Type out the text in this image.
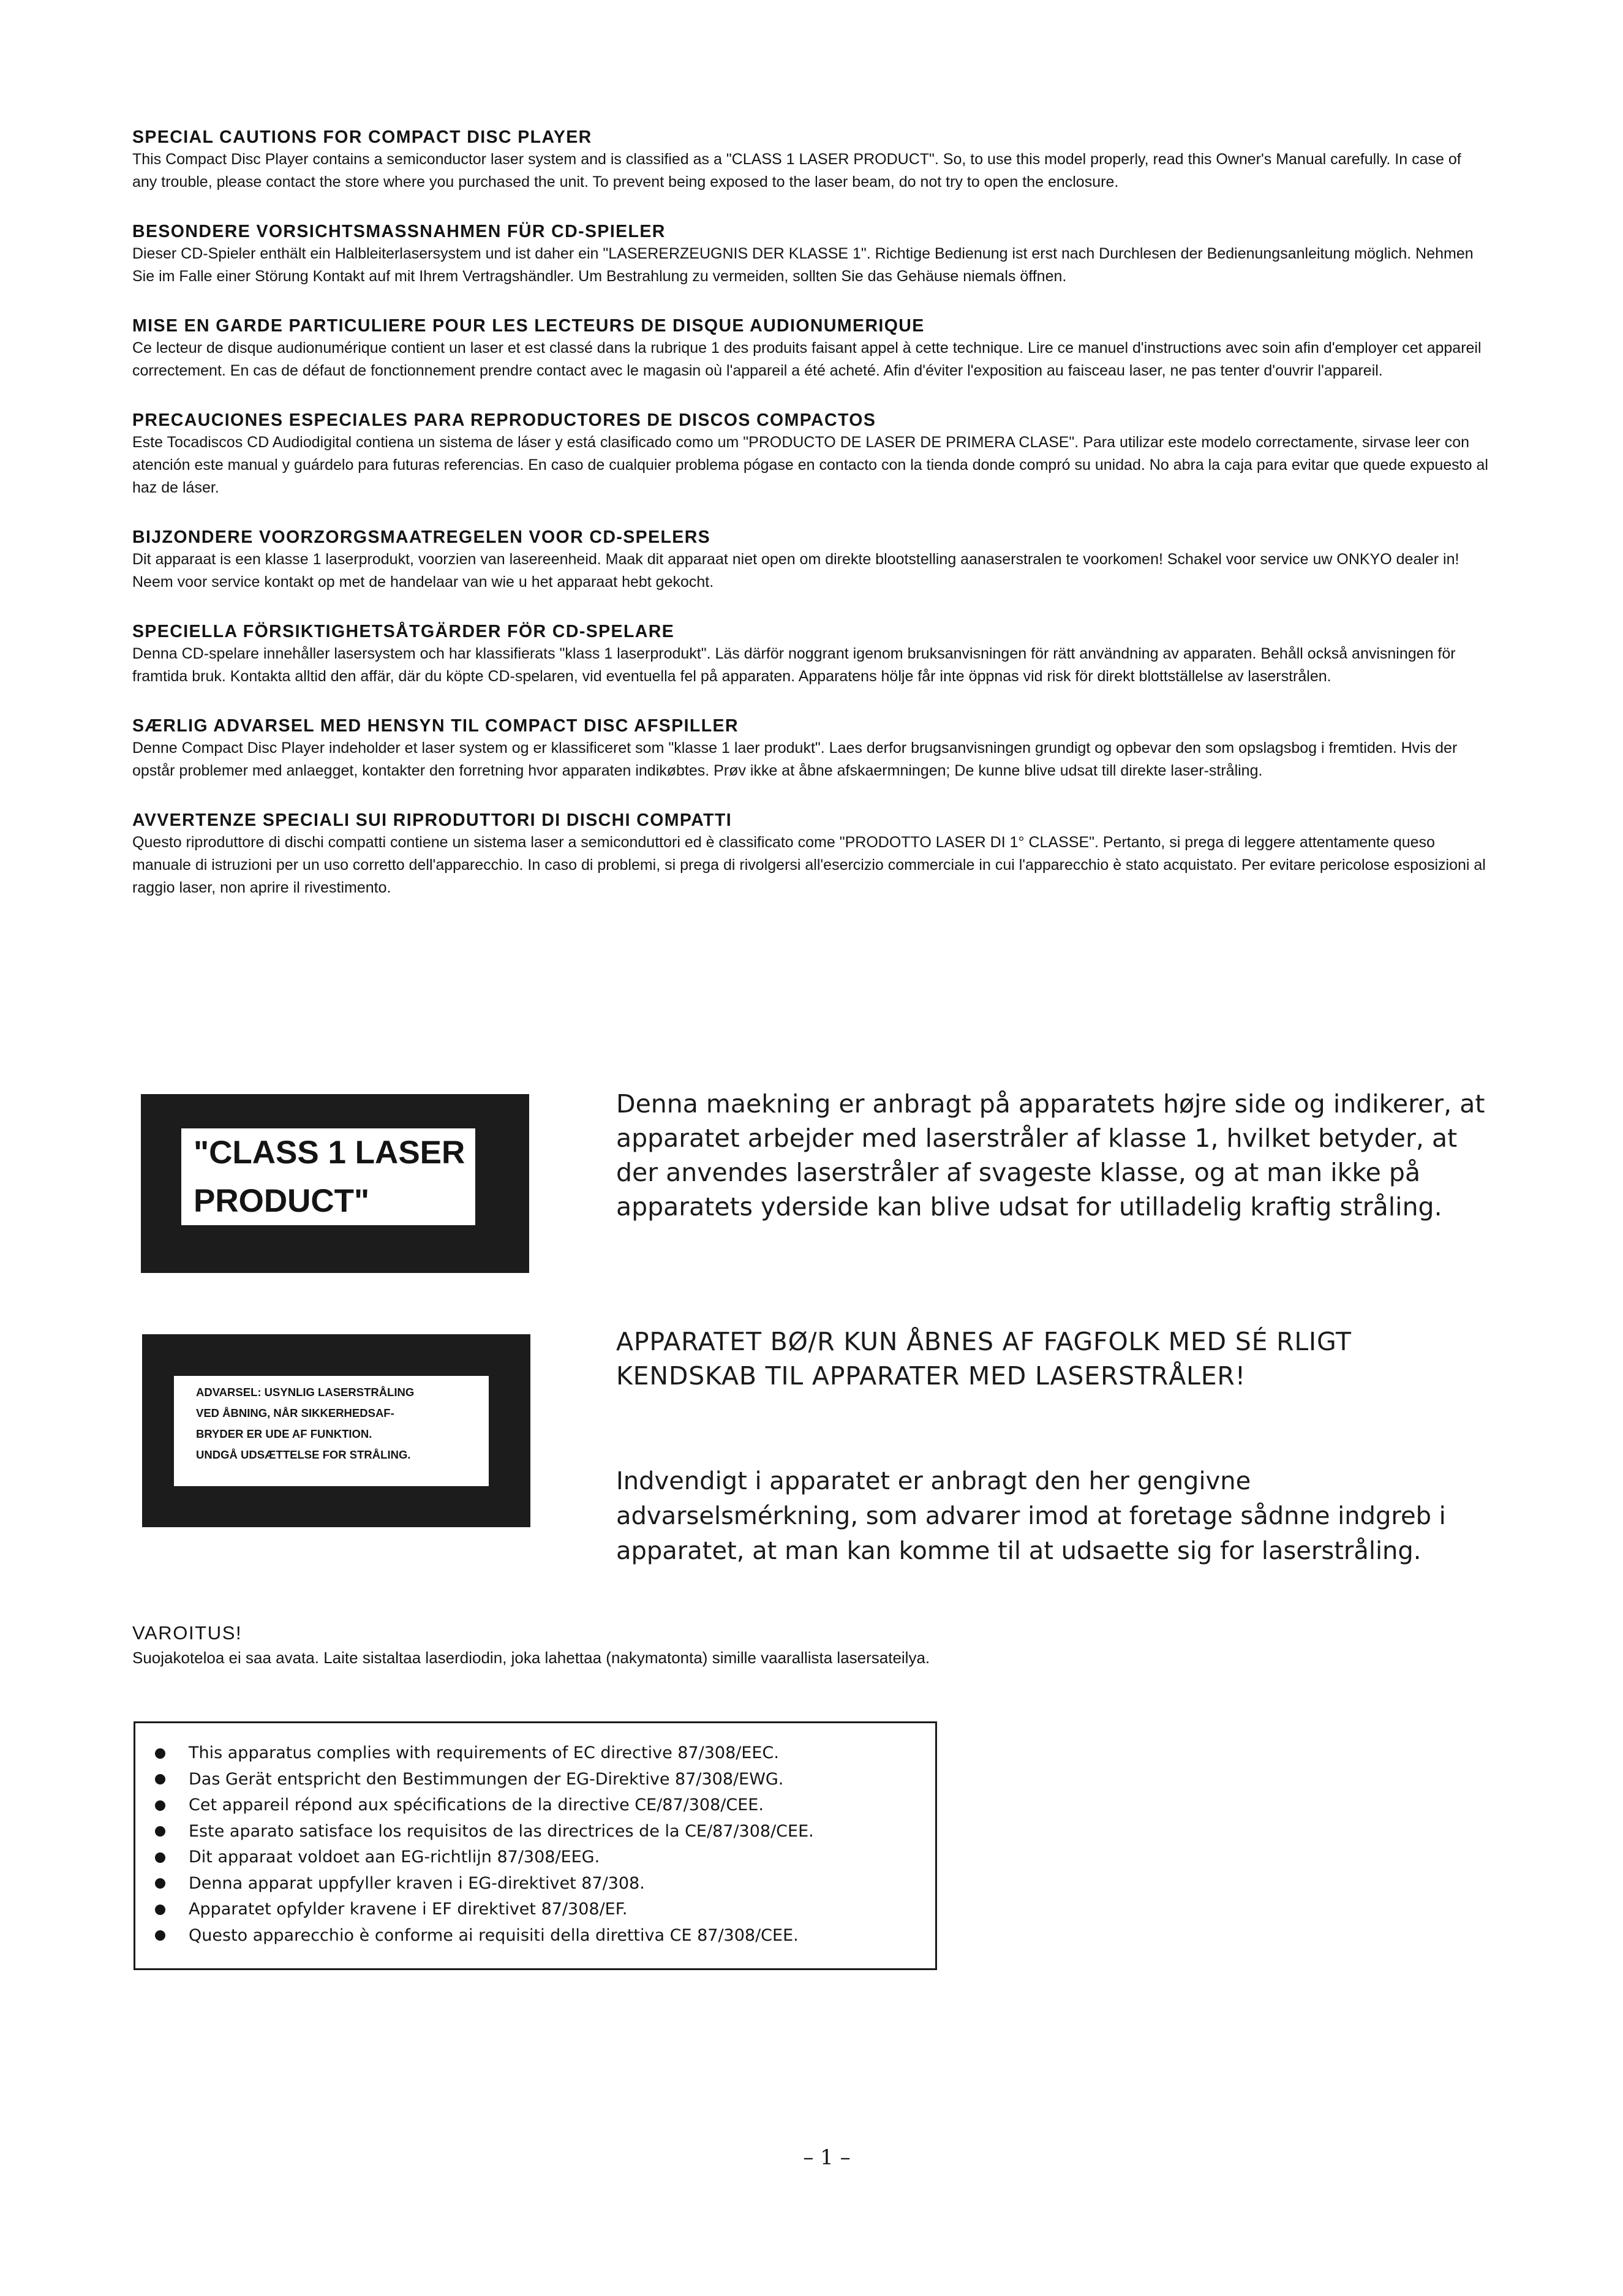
SPECIAL CAUTIONS FOR COMPACT DISC PLAYER

This Compact Disc Player contains a semiconductor laser system and is classified as a "CLASS 1 LASER PRODUCT". So, to use this model properly, read this Owner's Manual carefully. In case of any trouble, please contact the store where you purchased the unit. To prevent being exposed to the laser beam, do not try to open the enclosure.

BESONDERE VORSICHTSMASSNAHMEN FÜR CD-SPIELER

Dieser CD-Spieler enthält ein Halbleiterlasersystem und ist daher ein "LASERERZEUGNIS DER KLASSE 1". Richtige Bedienung ist erst nach Durchlesen der Bedienungsanleitung möglich. Nehmen Sie im Falle einer Störung Kontakt auf mit Ihrem Vertragshändler. Um Bestrahlung zu vermeiden, sollten Sie das Gehäuse niemals öffnen.

MISE EN GARDE PARTICULIERE POUR LES LECTEURS DE DISQUE AUDIONUMERIQUE

Ce lecteur de disque audionumérique contient un laser et est classé dans la rubrique 1 des produits faisant appel à cette technique. Lire ce manuel d'instructions avec soin afin d'employer cet appareil correctement. En cas de défaut de fonctionnement prendre contact avec le magasin où l'appareil a été acheté. Afin d'éviter l'exposition au faisceau laser, ne pas tenter d'ouvrir l'appareil.

PRECAUCIONES ESPECIALES PARA REPRODUCTORES DE DISCOS COMPACTOS

Este Tocadiscos CD Audiodigital contiena un sistema de láser y está clasificado como um "PRODUCTO DE LASER DE PRIMERA CLASE". Para utilizar este modelo correctamente, sirvase leer con atención este manual y guárdelo para futuras referencias. En caso de cualquier problema pógase en contacto con la tienda donde compró su unidad. No abra la caja para evitar que quede expuesto al haz de láser.

BIJZONDERE VOORZORGSMAATREGELEN VOOR CD-SPELERS

Dit apparaat is een klasse 1 laserprodukt, voorzien van lasereenheid. Maak dit apparaat niet open om direkte blootstelling aanaserstralen te voorkomen! Schakel voor service uw ONKYO dealer in! Neem voor service kontakt op met de handelaar van wie u het apparaat hebt gekocht.

SPECIELLA FÖRSIKTIGHETSÅTGÄRDER FÖR CD-SPELARE

Denna CD-spelare innehåller lasersystem och har klassifierats "klass 1 laserprodukt". Läs därför noggrant igenom bruksanvisningen för rätt användning av apparaten. Behåll också anvisningen för framtida bruk. Kontakta alltid den affär, där du köpte CD-spelaren, vid eventuella fel på apparaten. Apparatens hölje får inte öppnas vid risk för direkt blottställelse av laserstrålen.

SÆRLIG ADVARSEL MED HENSYN TIL COMPACT DISC AFSPILLER

Denne Compact Disc Player indeholder et laser system og er klassificeret som "klasse 1 laer produkt". Laes derfor brugsanvisningen grundigt og opbevar den som opslagsbog i fremtiden. Hvis der opstår problemer med anlaegget, kontakter den forretning hvor apparaten indikøbtes. Prøv ikke at åbne afskaermningen; De kunne blive udsat till direkte laser-stråling.

AVVERTENZE SPECIALI SUI RIPRODUTTORI DI DISCHI COMPATTI

Questo riproduttore di dischi compatti contiene un sistema laser a semiconduttori ed è classificato come "PRODOTTO LASER DI 1° CLASSE". Pertanto, si prega di leggere attentamente queso manuale di istruzioni per un uso corretto dell'apparecchio. In caso di problemi, si prega di rivolgersi all'esercizio commerciale in cui l'apparecchio è stato acquistato. Per evitare pericolose esposizioni al raggio laser, non aprire il rivestimento.

"CLASS 1 LASER
PRODUCT"
ADVARSEL: USYNLIG LASERSTRÅLING
VED ÅBNING, NÅR SIKKERHEDSAF-
BRYDER ER UDE AF FUNKTION.
UNDGÅ UDSÆTTELSE FOR STRÅLING.

Denna maekning er anbragt på apparatets højre side og indikerer, at apparatet arbejder med laserstråler af klasse 1, hvilket betyder, at der anvendes laserstråler af svageste klasse, og at man ikke på apparatets yderside kan blive udsat for utilladelig kraftig stråling.

APPARATET BØ/R KUN ÅBNES AF FAGFOLK MED SÉ RLIGT KENDSKAB TIL APPARATER MED LASERSTRÅLER!

Indvendigt i apparatet er anbragt den her gengivne advarselsmérkning, som advarer imod at foretage sådnne indgreb i apparatet, at man kan komme til at udsaette sig for laserstråling.

VAROITUS!

Suojakoteloa ei saa avata. Laite sistaltaa laserdiodin, joka lahettaa (nakymatonta) simille vaarallista lasersateilya.

This apparatus complies with requirements of EC directive 87/308/EEC.
Das Gerät entspricht den Bestimmungen der EG-Direktive 87/308/EWG.
Cet appareil répond aux spécifications de la directive CE/87/308/CEE.
Este aparato satisface los requisitos de las directrices de la CE/87/308/CEE.
Dit apparaat voldoet aan EG-richtlijn 87/308/EEG.
Denna apparat uppfyller kraven i EG-direktivet 87/308.
Apparatet opfylder kravene i EF direktivet 87/308/EF.
Questo apparecchio è conforme ai requisiti della direttiva CE 87/308/CEE.
– 1 –
